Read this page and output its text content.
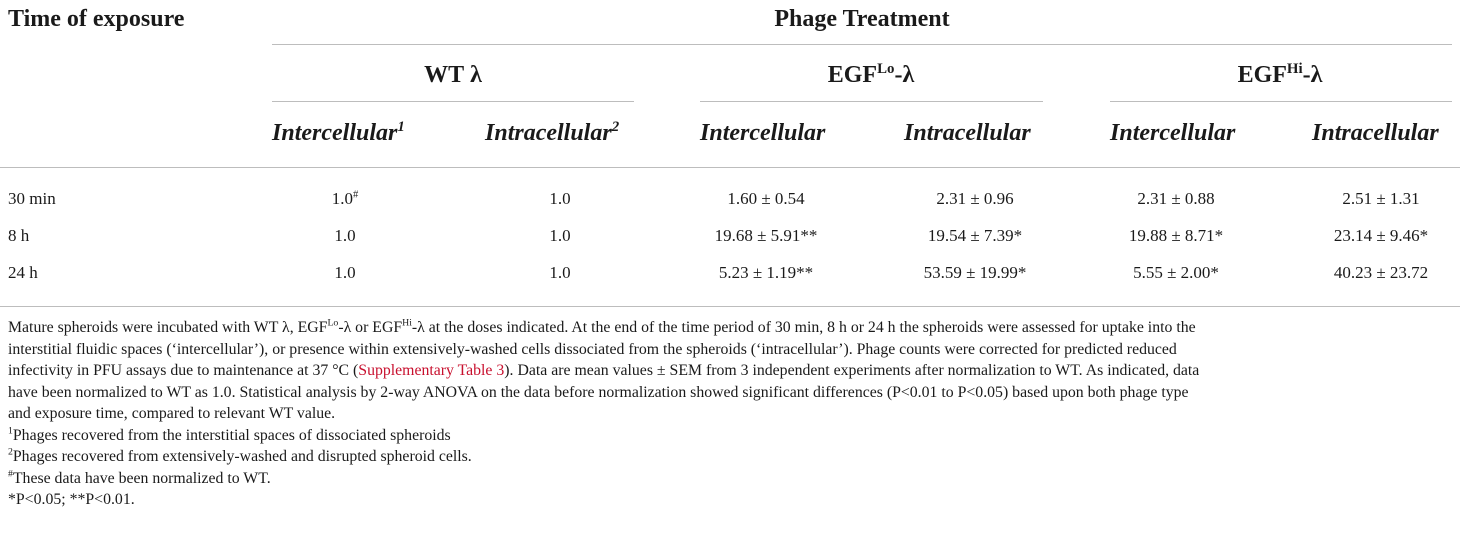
Time of exposure	Phage Treatment
WT λ	$EGF^{Lo}-\lambda$	$EGF^{Hi}-\lambda$
Intercellular$^1$	Intracellular$^2$	Intercellular	Intracellular	Intercellular	Intracellular
30 min	1.0#	1.0	1.60 ± 0.54	2.31 ± 0.96	2.31 ± 0.88	2.51 ± 1.31
8 h	1.0	1.0	19.68 ± 5.91**	19.54 ± 7.39*	19.88 ± 8.71*	23.14 ± 9.46*
24 h	1.0	1.0	5.23 ± 1.19**	53.59 ± 19.99*	5.55 ± 2.00*	40.23 ± 23.72
Mature spheroids were incubated with WT λ, $EGF^{Lo}-\lambda$ or $EGF^{Hi}-\lambda$ at the doses indicated. At the end of the time period of 30 min, 8 h or 24 h the spheroids were assessed for uptake into the
interstitial fluidic spaces (‘intercellular’), or presence within extensively-washed cells dissociated from the spheroids (‘intracellular’). Phage counts were corrected for predicted reduced
infectivity in PFU assays due to maintenance at 37 °C (Supplementary Table 3). Data are mean values ± SEM from 3 independent experiments after normalization to WT. As indicated, data
have been normalized to WT as 1.0. Statistical analysis by 2-way ANOVA on the data before normalization showed significant differences (P<0.01 to P<0.05) based upon both phage type
and exposure time, compared to relevant WT value.
$^1$Phages recovered from the interstitial spaces of dissociated spheroids
$^2$Phages recovered from extensively-washed and disrupted spheroid cells.
#These data have been normalized to WT.
*P<0.05; **P<0.01.
